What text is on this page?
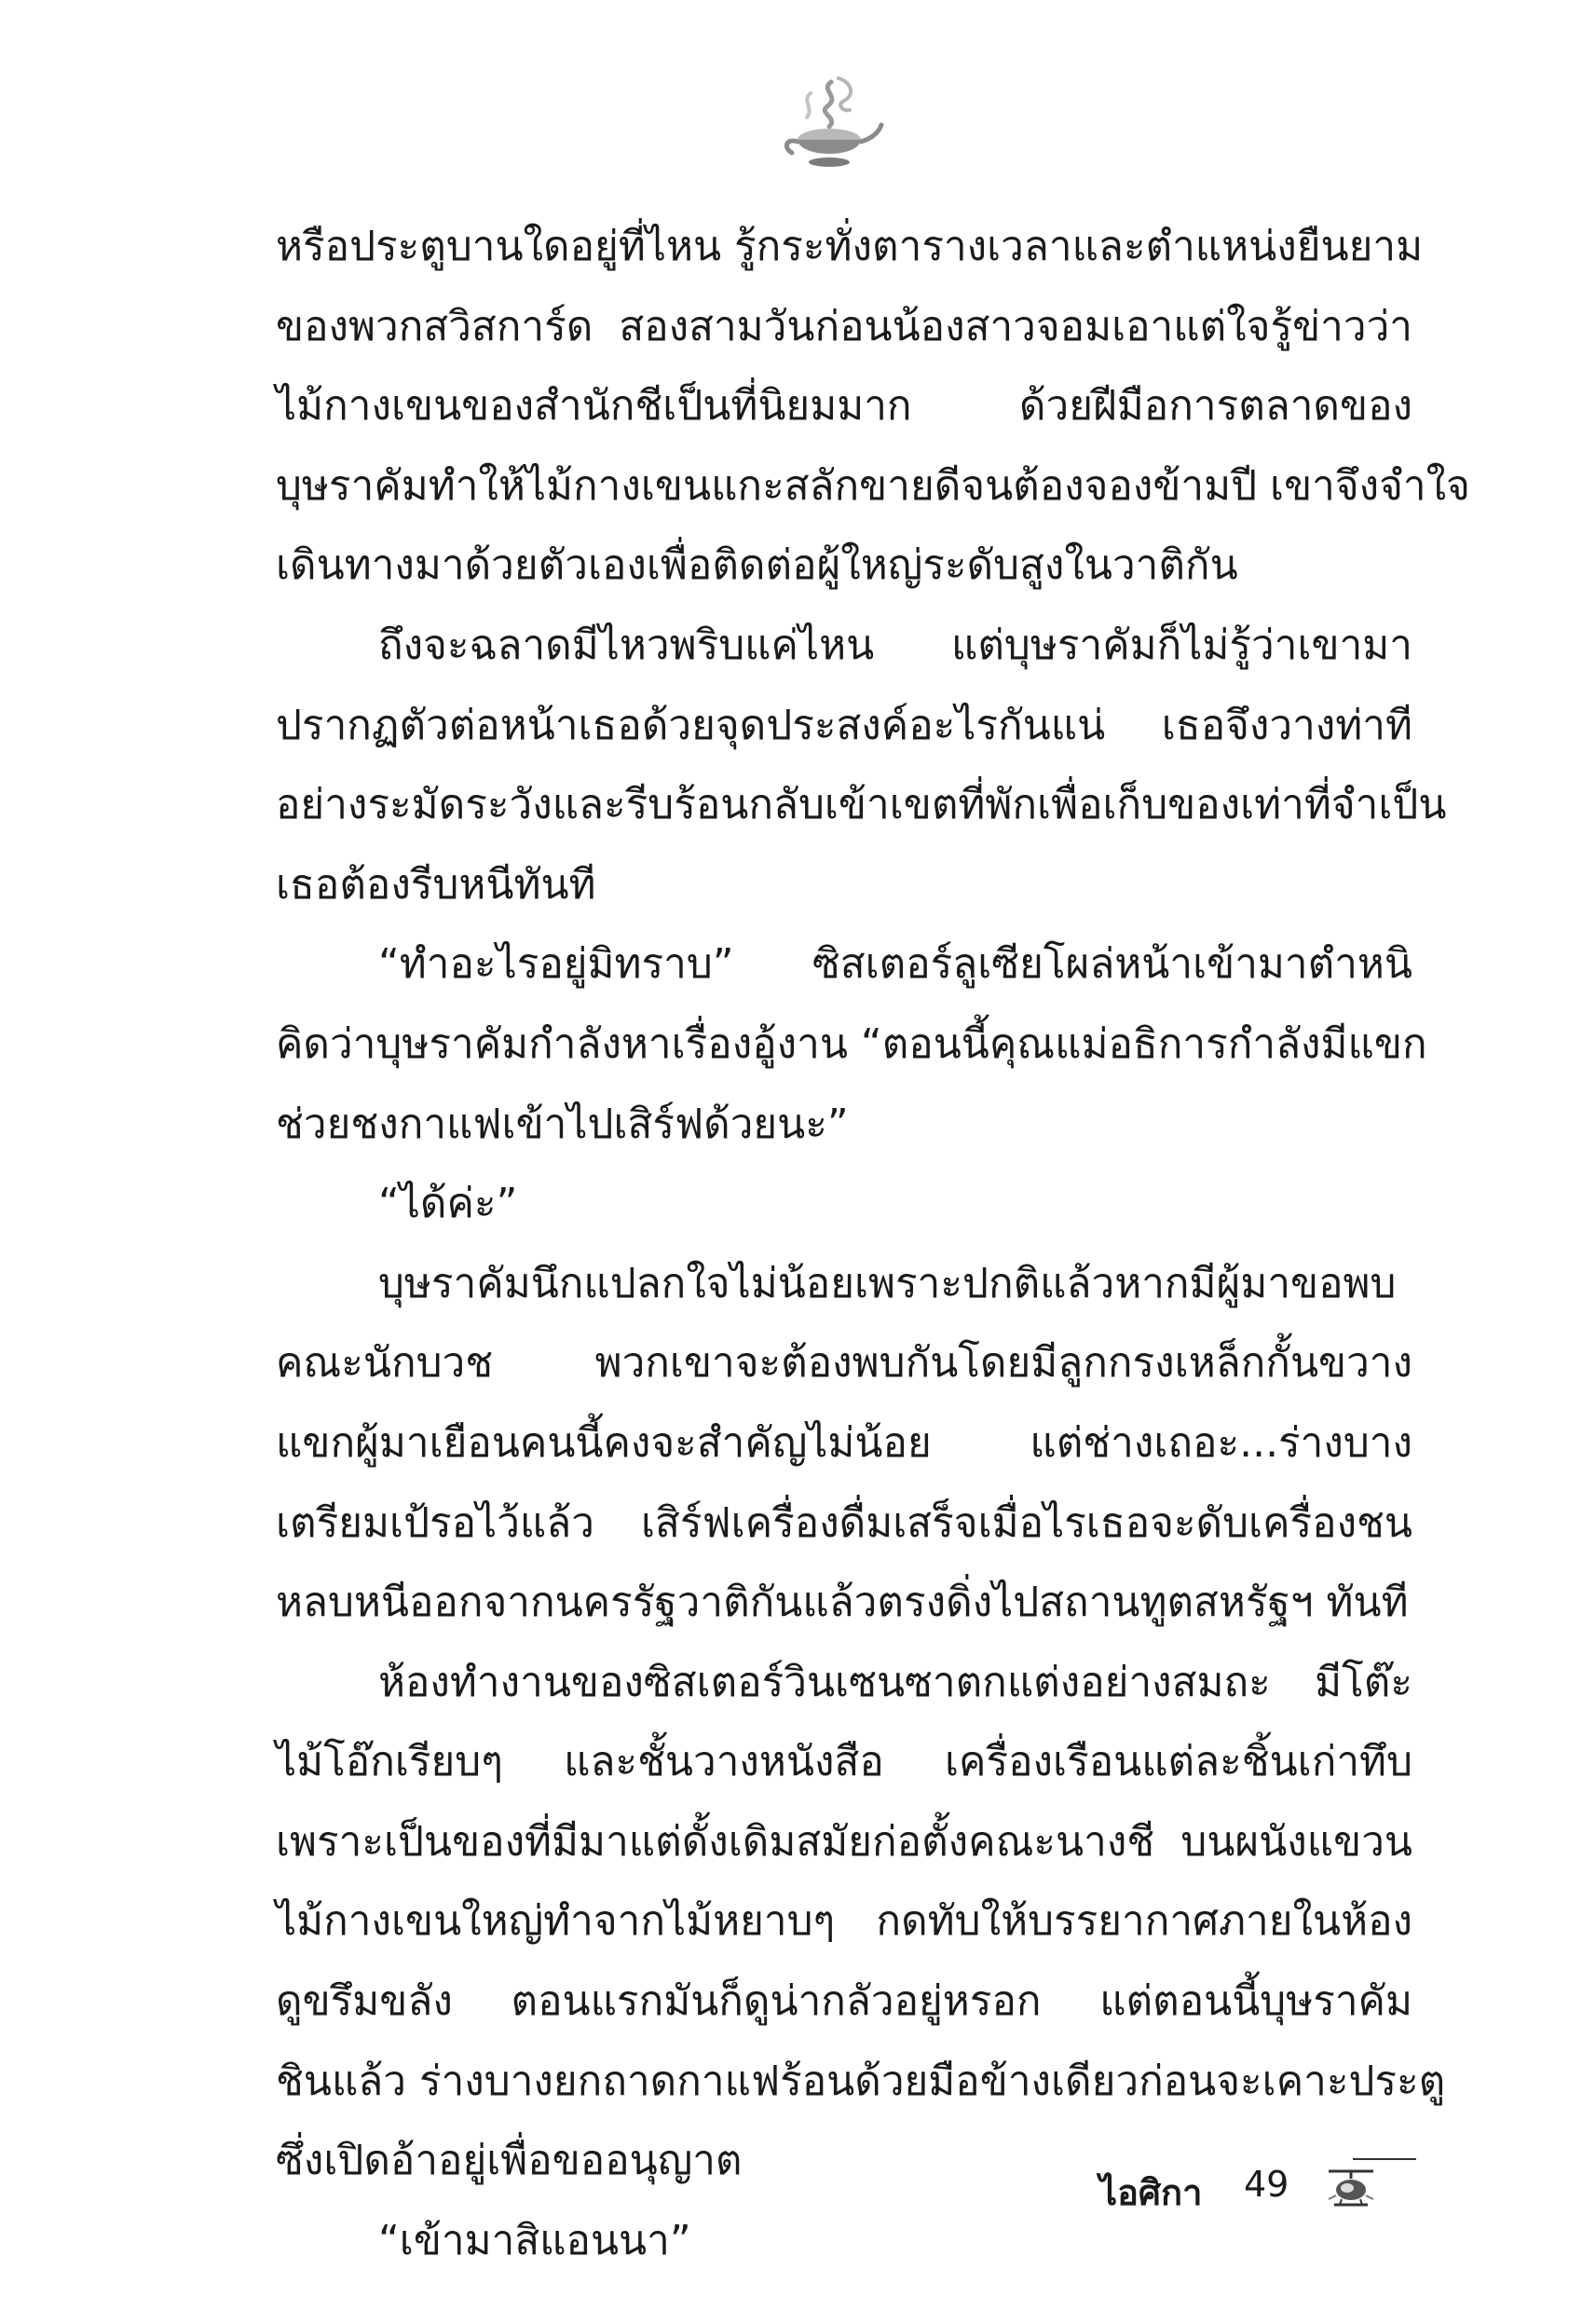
หรือประตูบานใดอยู่ที่ไหน รู้กระทั่งตารางเวลาและตำแหน่งยืนยาม
ของพวกสวิสการ์ด สองสามวันก่อนน้องสาวจอมเอาแต่ใจรู้ข่าวว่า
ไม้กางเขนของสำนักชีเป็นที่นิยมมาก ด้วยฝีมือการตลาดของ
บุษราคัมทำให้ไม้กางเขนแกะสลักขายดีจนต้องจองข้ามปี เขาจึงจำใจ
เดินทางมาด้วยตัวเองเพื่อติดต่อผู้ใหญ่ระดับสูงในวาติกัน
ถึงจะฉลาดมีไหวพริบแค่ไหน แต่บุษราคัมก็ไม่รู้ว่าเขามา
ปรากฏตัวต่อหน้าเธอด้วยจุดประสงค์อะไรกันแน่ เธอจึงวางท่าที
อย่างระมัดระวังและรีบร้อนกลับเข้าเขตที่พักเพื่อเก็บของเท่าที่จำเป็น
เธอต้องรีบหนีทันที
“ทำอะไรอยู่มิทราบ” ซิสเตอร์ลูเซียโผล่หน้าเข้ามาตำหนิ
คิดว่าบุษราคัมกำลังหาเรื่องอู้งาน “ตอนนี้คุณแม่อธิการกำลังมีแขก
ช่วยชงกาแฟเข้าไปเสิร์ฟด้วยนะ”
“ได้ค่ะ”
บุษราคัมนึกแปลกใจไม่น้อยเพราะปกติแล้วหากมีผู้มาขอพบ
คณะนักบวช พวกเขาจะต้องพบกันโดยมีลูกกรงเหล็กกั้นขวาง
แขกผู้มาเยือนคนนี้คงจะสำคัญไม่น้อย แต่ช่างเถอะ...ร่างบาง
เตรียมเป้รอไว้แล้ว เสิร์ฟเครื่องดื่มเสร็จเมื่อไรเธอจะดับเครื่องชน
หลบหนีออกจากนครรัฐวาติกันแล้วตรงดิ่งไปสถานทูตสหรัฐฯ ทันที
ห้องทำงานของซิสเตอร์วินเซนซาตกแต่งอย่างสมถะ มีโต๊ะ
ไม้โอ๊กเรียบๆ และชั้นวางหนังสือ เครื่องเรือนแต่ละชิ้นเก่าทึบ
เพราะเป็นของที่มีมาแต่ดั้งเดิมสมัยก่อตั้งคณะนางชี บนผนังแขวน
ไม้กางเขนใหญ่ทำจากไม้หยาบๆ กดทับให้บรรยากาศภายในห้อง
ดูขรึมขลัง ตอนแรกมันก็ดูน่ากลัวอยู่หรอก แต่ตอนนี้บุษราคัม
ชินแล้ว ร่างบางยกถาดกาแฟร้อนด้วยมือข้างเดียวก่อนจะเคาะประตู
ซึ่งเปิดอ้าอยู่เพื่อขออนุญาต
“เข้ามาสิแอนนา”
ไอศิกา 49
